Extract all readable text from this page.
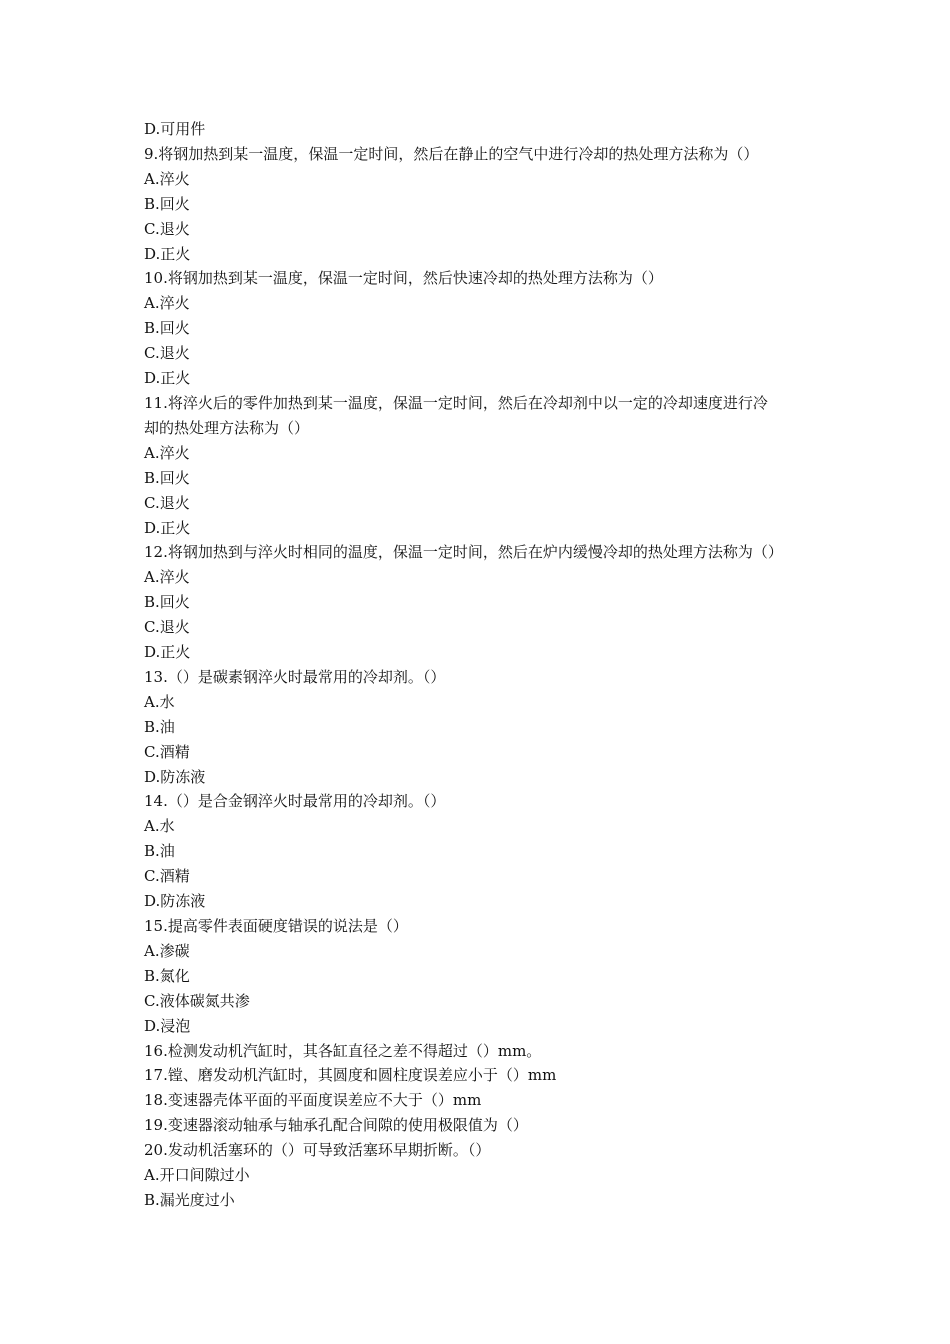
D.可用件
9.将钢加热到某一温度，保温一定时间，然后在静止的空气中进行冷却的热处理方法称为（）
A.淬火
B.回火
C.退火
D.正火
10.将钢加热到某一温度，保温一定时间，然后快速冷却的热处理方法称为（）
A.淬火
B.回火
C.退火
D.正火
11.将淬火后的零件加热到某一温度，保温一定时间，然后在冷却剂中以一定的冷却速度进行冷
却的热处理方法称为（）
A.淬火
B.回火
C.退火
D.正火
12.将钢加热到与淬火时相同的温度，保温一定时间，然后在炉内缓慢冷却的热处理方法称为（）
A.淬火
B.回火
C.退火
D.正火
13.（）是碳素钢淬火时最常用的冷却剂。（）
A.水
B.油
C.酒精
D.防冻液
14.（）是合金钢淬火时最常用的冷却剂。（）
A.水
B.油
C.酒精
D.防冻液
15.提高零件表面硬度错误的说法是（）
A.渗碳
B.氮化
C.液体碳氮共渗
D.浸泡
16.检测发动机汽缸时，其各缸直径之差不得超过（）mm。
17.镗、磨发动机汽缸时，其圆度和圆柱度误差应小于（）mm
18.变速器壳体平面的平面度误差应不大于（）mm
19.变速器滚动轴承与轴承孔配合间隙的使用极限值为（）
20.发动机活塞环的（）可导致活塞环早期折断。（）
A.开口间隙过小
B.漏光度过小
